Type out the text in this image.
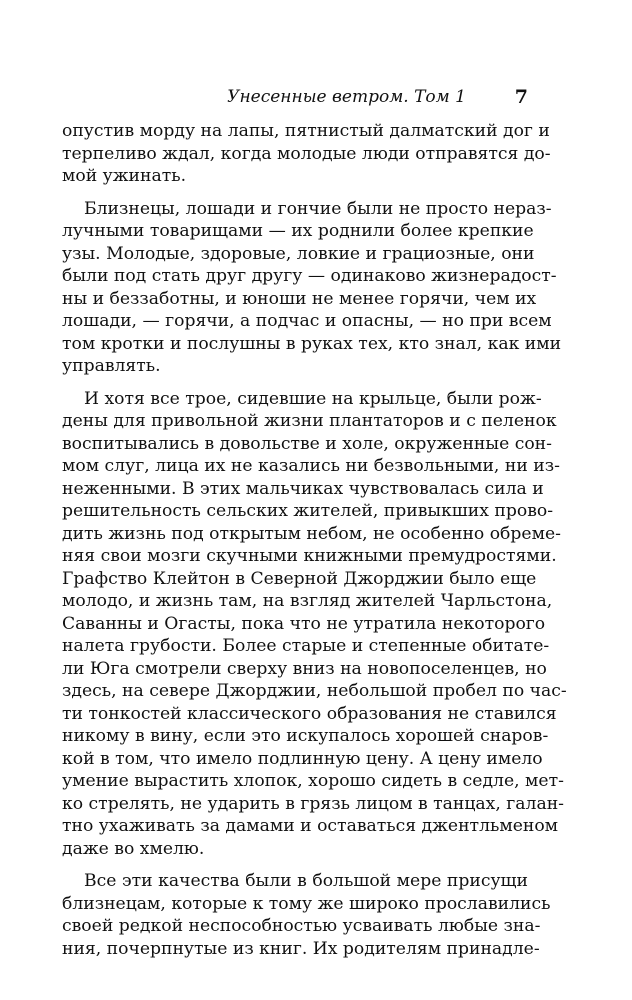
Унесенные ветром. Том 1	7

опустив морду на лапы, пятнистый далматский дог и
терпеливо ждал, когда молодые люди отправятся до-
мой ужинать.

Близнецы, лошади и гончие были не просто нераз-
лучными товарищами — их роднили более крепкие
узы. Молодые, здоровые, ловкие и грациозные, они
были под стать друг другу — одинаково жизнерадост-
ны и беззаботны, и юноши не менее горячи, чем их
лошади, — горячи, а подчас и опасны, — но при всем
том кротки и послушны в руках тех, кто знал, как ими
управлять.

И хотя все трое, сидевшие на крыльце, были рож-
дены для привольной жизни плантаторов и с пеленок
воспитывались в довольстве и холе, окруженные сон-
мом слуг, лица их не казались ни безвольными, ни из-
неженными. В этих мальчиках чувствовалась сила и
решительность сельских жителей, привыкших прово-
дить жизнь под открытым небом, не особенно обреме-
няя свои мозги скучными книжными премудростями.
Графство Клейтон в Северной Джорджии было еще
молодо, и жизнь там, на взгляд жителей Чарльстона,
Саванны и Огасты, пока что не утратила некоторого
налета грубости. Более старые и степенные обитате-
ли Юга смотрели сверху вниз на новопоселенцев, но
здесь, на севере Джорджии, небольшой пробел по час-
ти тонкостей классического образования не ставился
никому в вину, если это искупалось хорошей снаров-
кой в том, что имело подлинную цену. А цену имело
умение вырастить хлопок, хорошо сидеть в седле, мет-
ко стрелять, не ударить в грязь лицом в танцах, галан-
тно ухаживать за дамами и оставаться джентльменом
даже во хмелю.

Все эти качества были в большой мере присущи
близнецам, которые к тому же широко прославились
своей редкой неспособностью усваивать любые зна-
ния, почерпнутые из книг. Их родителям принадле-
